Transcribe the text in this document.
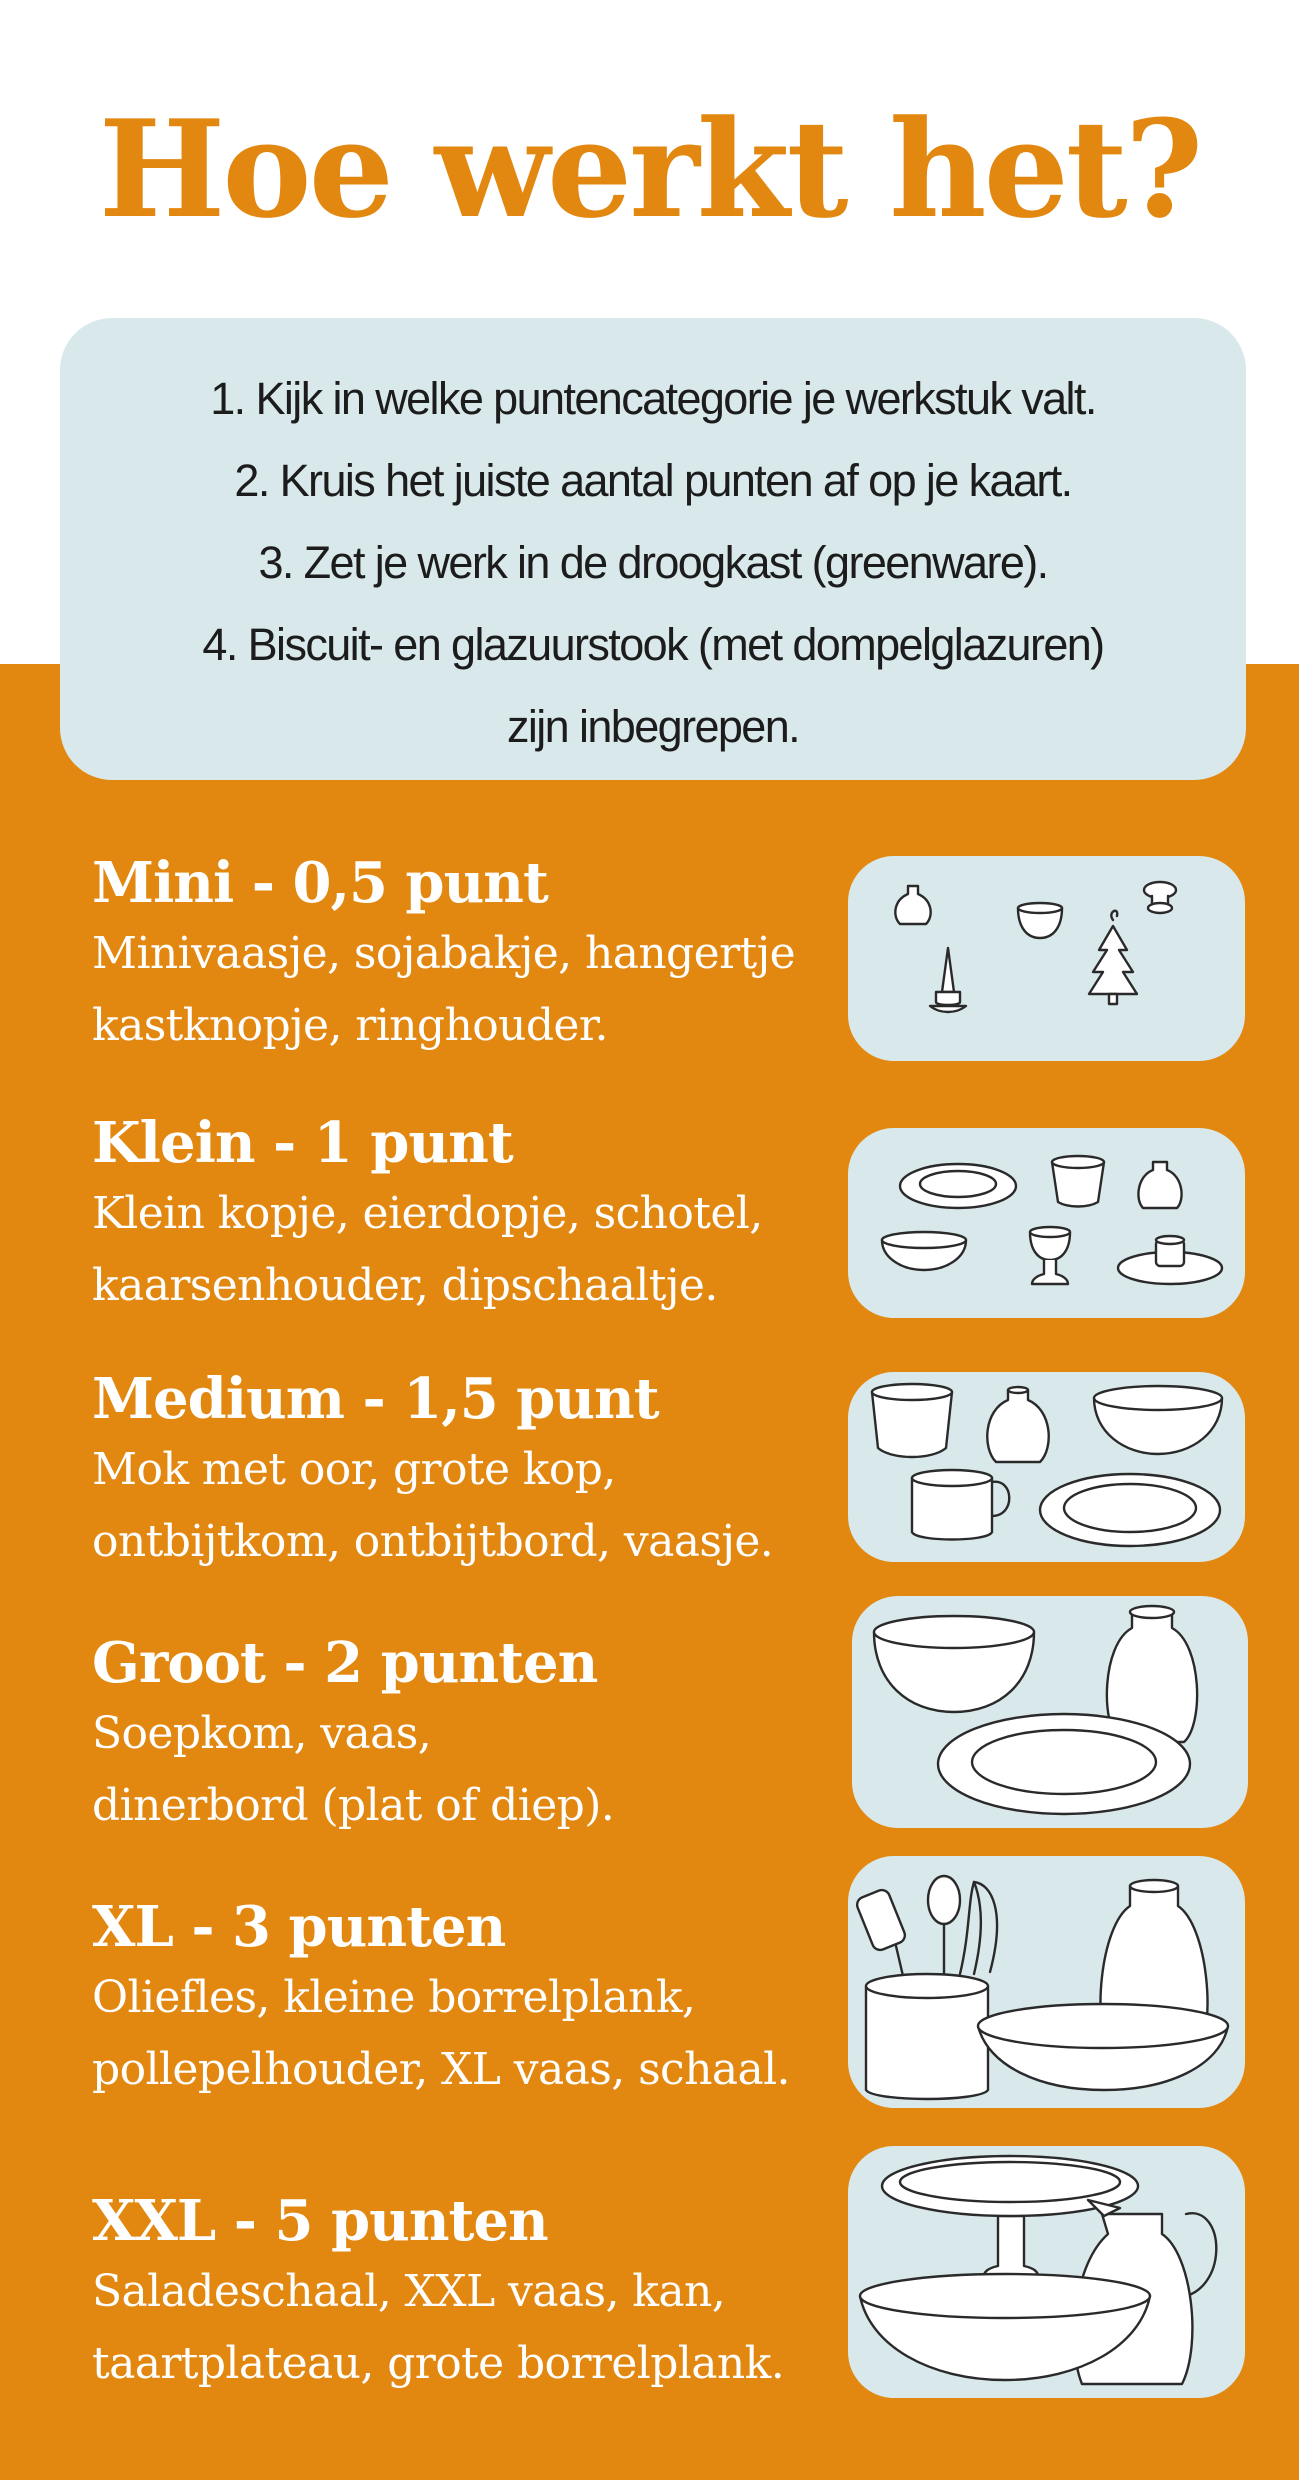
Hoe werkt het?
1. Kijk in welke puntencategorie je werkstuk valt.
2. Kruis het juiste aantal punten af op je kaart.
3. Zet je werk in de droogkast (greenware).
4. Biscuit- en glazuurstook (met dompelglazuren)
zijn inbegrepen.
Mini - 0,5 punt
Minivaasje, sojabakje, hangertje
kastknopje, ringhouder.
Klein - 1 punt
Klein kopje, eierdopje, schotel,
kaarsenhouder, dipschaaltje.
Medium - 1,5 punt
Mok met oor, grote kop,
ontbijtkom, ontbijtbord, vaasje.
Groot - 2 punten
Soepkom, vaas,
dinerbord (plat of diep).
XL - 3 punten
Oliefles, kleine borrelplank,
pollepelhouder, XL vaas, schaal.
XXL - 5 punten
Saladeschaal, XXL vaas, kan,
taartplateau, grote borrelplank.
